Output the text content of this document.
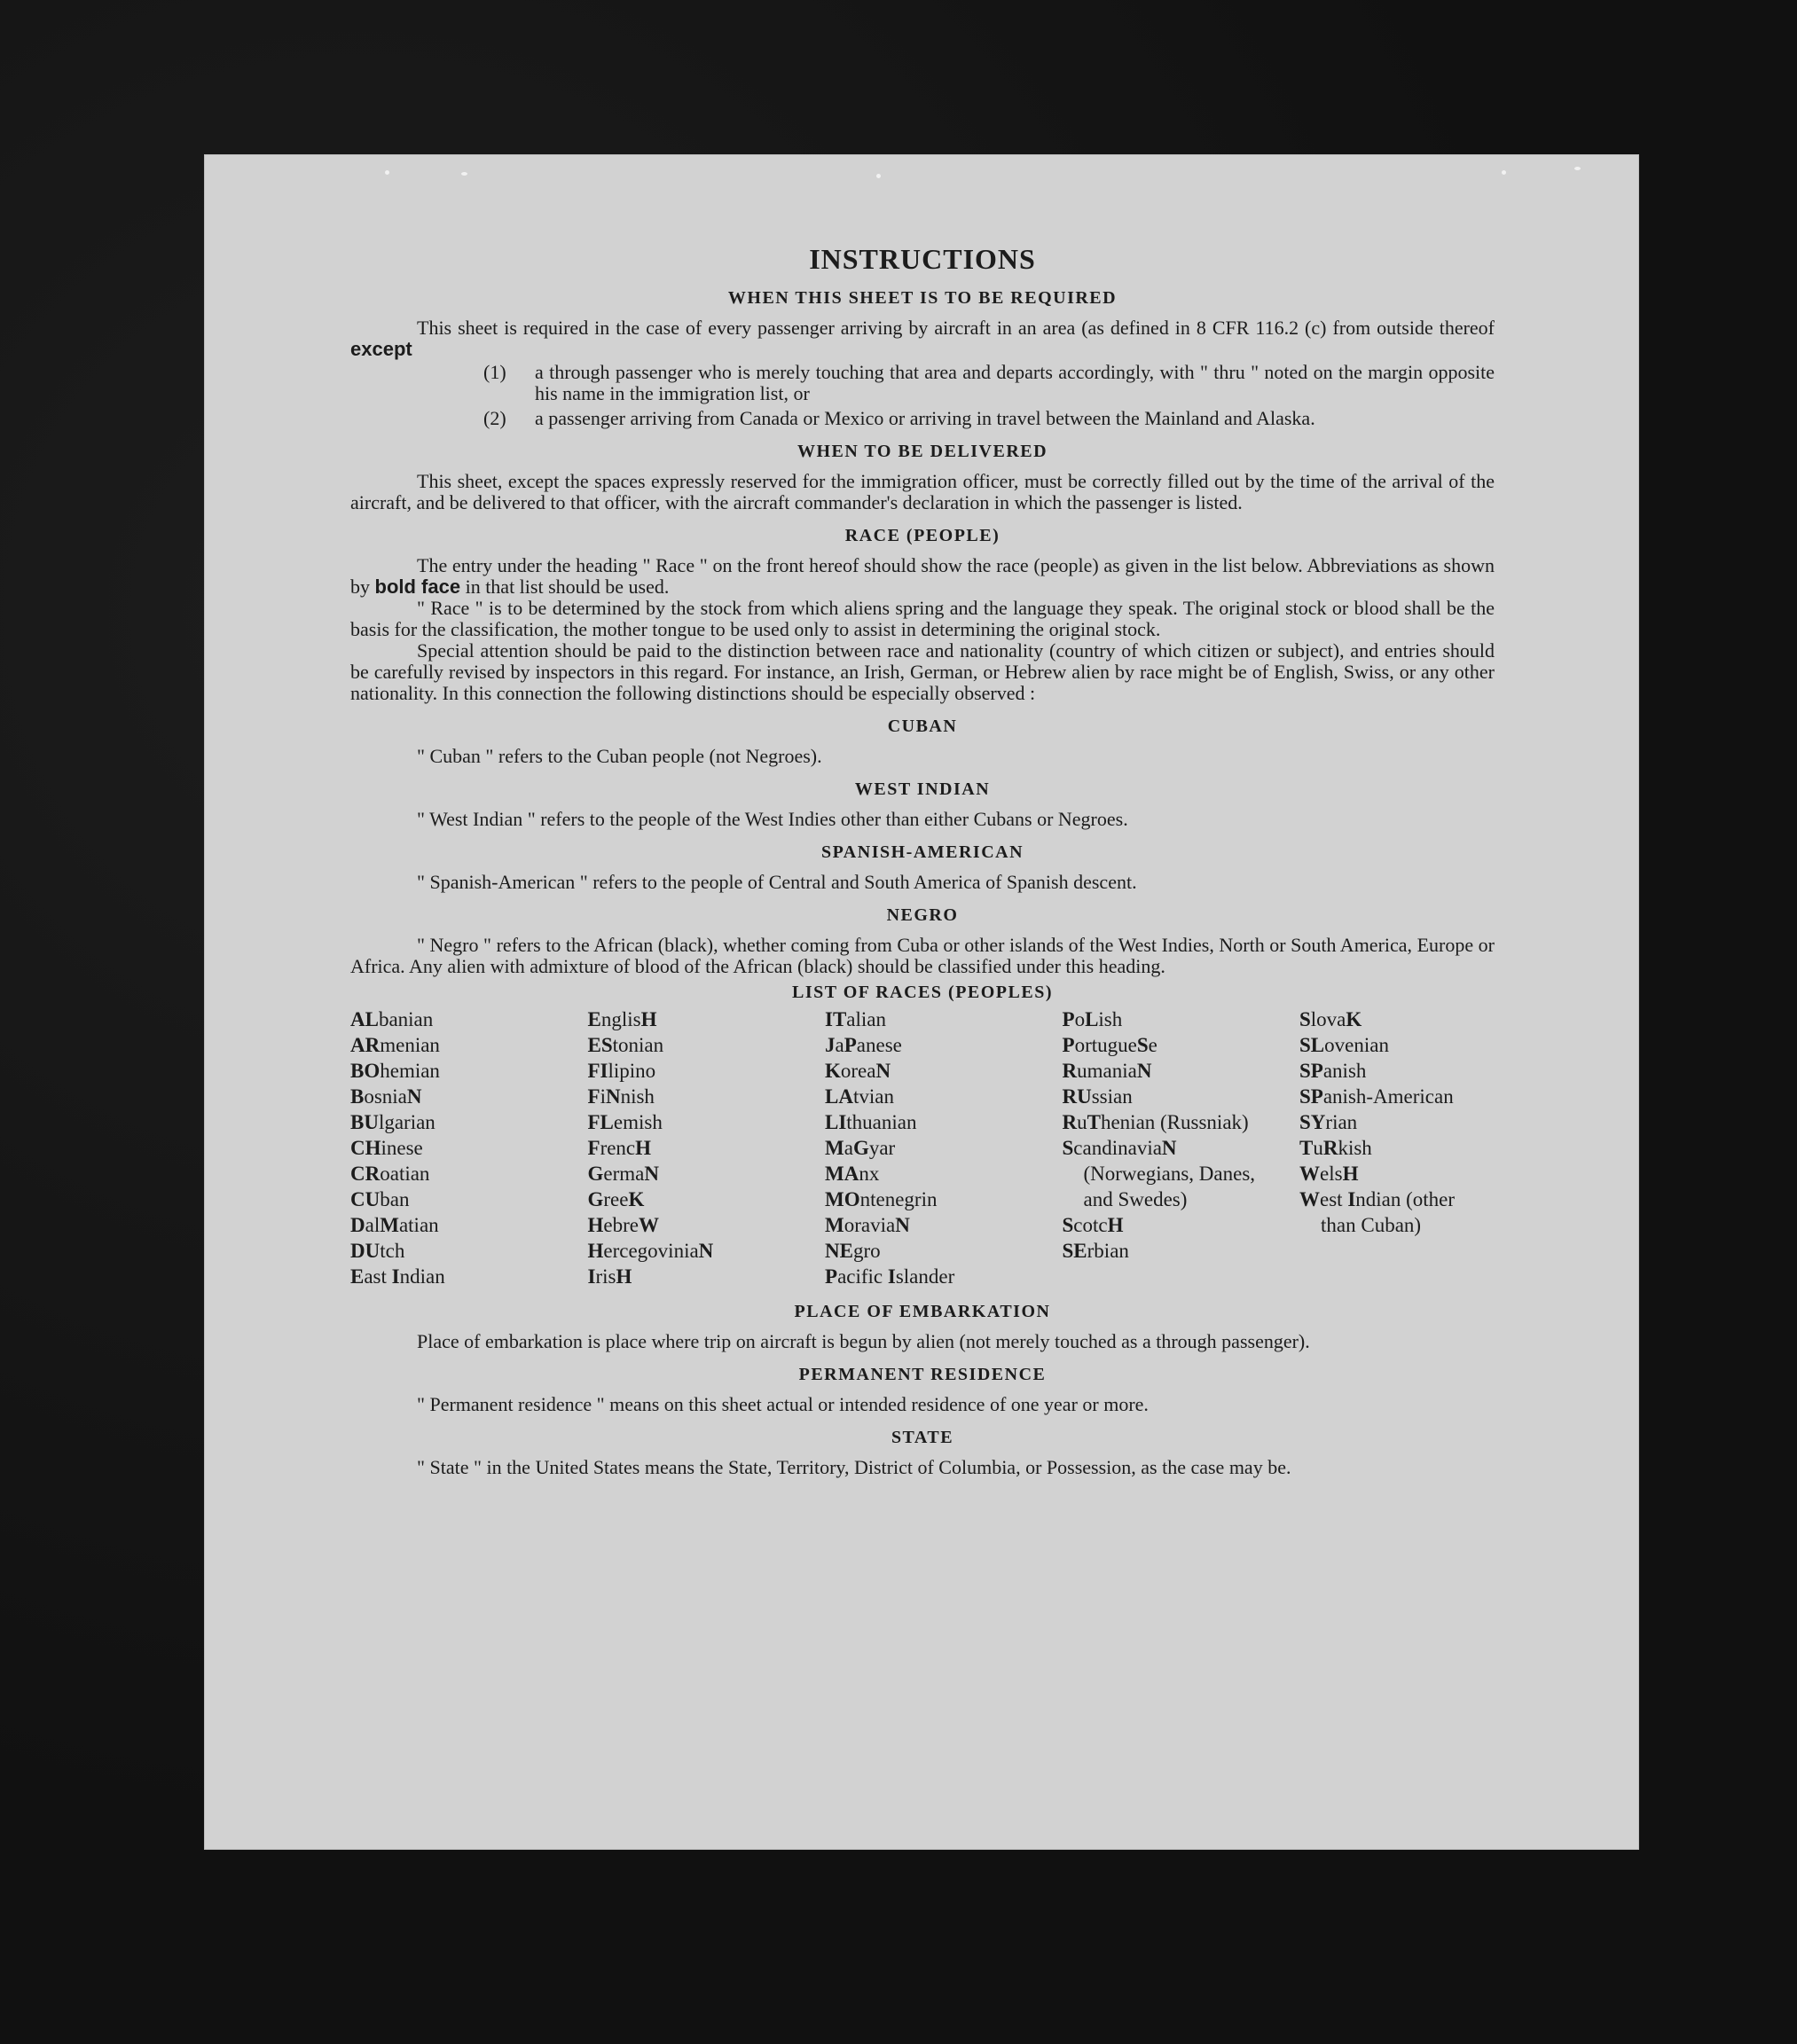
INSTRUCTIONS
WHEN THIS SHEET IS TO BE REQUIRED

This sheet is required in the case of every passenger arriving by aircraft in an area (as defined in 8 CFR 116.2 (c) from outside thereof except

(1)	a through passenger who is merely touching that area and departs accordingly, with " thru " noted on the margin opposite his name in the immigration list, or
(2)	a passenger arriving from Canada or Mexico or arriving in travel between the Mainland and Alaska.
WHEN TO BE DELIVERED

This sheet, except the spaces expressly reserved for the immigration officer, must be correctly filled out by the time of the arrival of the aircraft, and be delivered to that officer, with the aircraft commander's declaration in which the passenger is listed.

RACE (PEOPLE)

The entry under the heading " Race " on the front hereof should show the race (people) as given in the list below. Abbreviations as shown by bold face in that list should be used.

" Race " is to be determined by the stock from which aliens spring and the language they speak. The original stock or blood shall be the basis for the classification, the mother tongue to be used only to assist in determining the original stock.

Special attention should be paid to the distinction between race and nationality (country of which citizen or subject), and entries should be carefully revised by inspectors in this regard. For instance, an Irish, German, or Hebrew alien by race might be of English, Swiss, or any other nationality. In this connection the following distinctions should be especially observed :

CUBAN

" Cuban " refers to the Cuban people (not Negroes).

WEST INDIAN

" West Indian " refers to the people of the West Indies other than either Cubans or Negroes.

SPANISH-AMERICAN

" Spanish-American " refers to the people of Central and South America of Spanish descent.

NEGRO

" Negro " refers to the African (black), whether coming from Cuba or other islands of the West Indies, North or South America, Europe or Africa. Any alien with admixture of blood of the African (black) should be classified under this heading.

LIST OF RACES (PEOPLES)
ALbanian
ARmenian
BOhemian
BosniaN
BUlgarian
CHinese
CRoatian
CUban
DalMatian
DUtch
East Indian
EnglisH
EStonian
FIlipino
FiNnish
FLemish
FrencH
GermaN
GreeK
HebreW
HercegoviniaN
IrisH
ITalian
JaPanese
KoreaN
LAtvian
LIthuanian
MaGyar
MAnx
MOntenegrin
MoraviaN
NEgro
Pacific Islander
PoLish
PortugueSe
RumaniaN
RUssian
RuThenian (Russniak)
ScandinaviaN (Norwegians, Danes, and Swedes)
ScotcH
SErbian
SlovaK
SLovenian
SPanish
SPanish-American
SYrian
TuRkish
WelsH
West Indian (other than Cuban)
PLACE OF EMBARKATION

Place of embarkation is place where trip on aircraft is begun by alien (not merely touched as a through passenger).

PERMANENT RESIDENCE

" Permanent residence " means on this sheet actual or intended residence of one year or more.

STATE

" State " in the United States means the State, Territory, District of Columbia, or Possession, as the case may be.
